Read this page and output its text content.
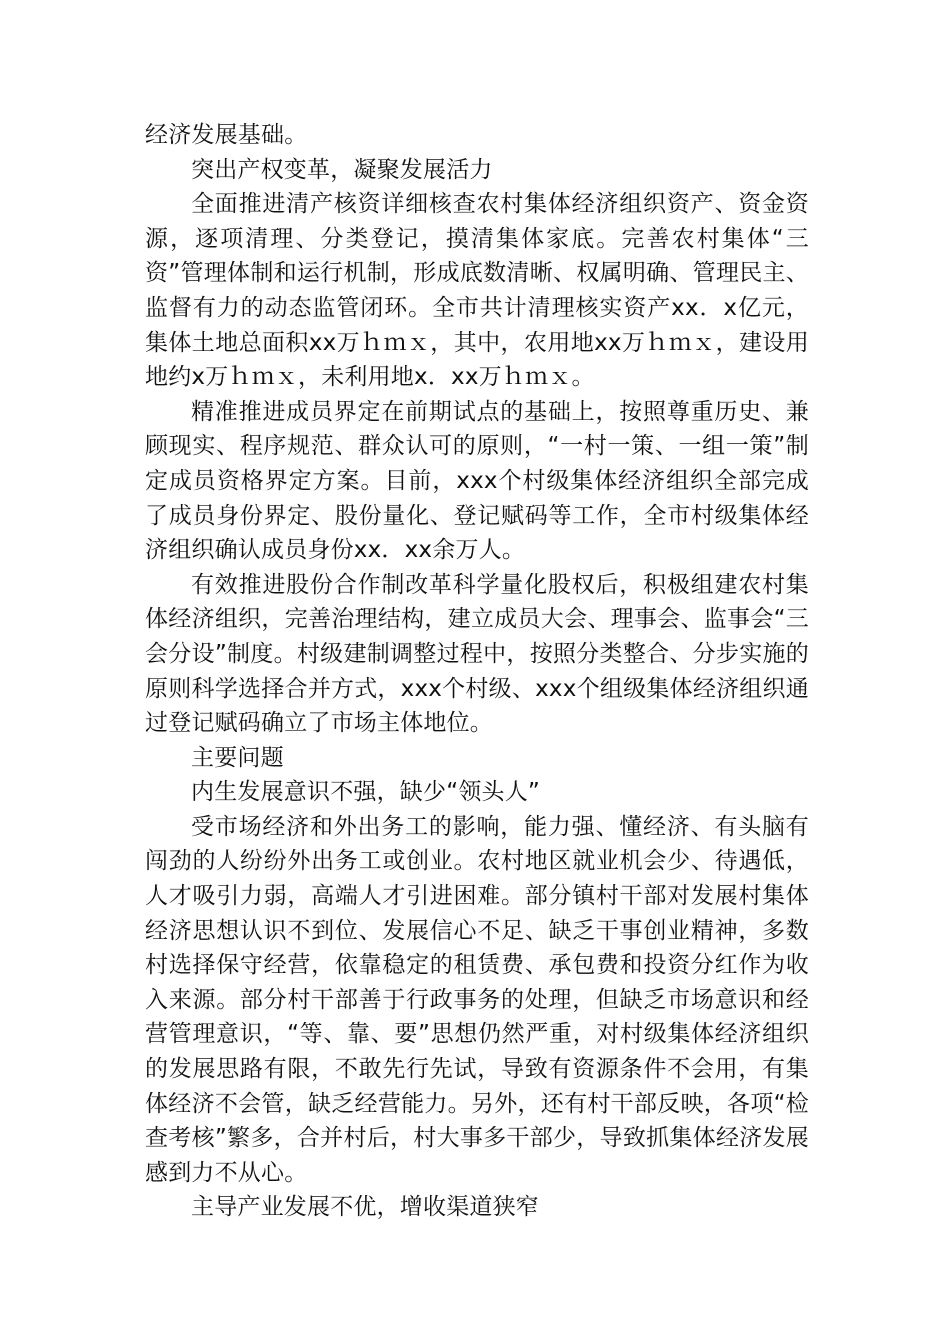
经济发展基础。

突出产权变革，凝聚发展活力

全面推进清产核资详细核查农村集体经济组织资产、资金资源，逐项清理、分类登记，摸清集体家底。完善农村集体“三资”管理体制和运行机制，形成底数清晰、权属明确、管理民主、监督有力的动态监管闭环。全市共计清理核实资产xx．x亿元，集体土地总面积xx万ｈｍｘ，其中，农用地xx万ｈｍｘ，建设用地约x万ｈｍｘ，未利用地x．xx万ｈｍｘ。

精准推进成员界定在前期试点的基础上，按照尊重历史、兼顾现实、程序规范、群众认可的原则，“一村一策、一组一策”制定成员资格界定方案。目前，xxx个村级集体经济组织全部完成了成员身份界定、股份量化、登记赋码等工作，全市村级集体经济组织确认成员身份xx．xx余万人。

有效推进股份合作制改革科学量化股权后，积极组建农村集体经济组织，完善治理结构，建立成员大会、理事会、监事会“三会分设”制度。村级建制调整过程中，按照分类整合、分步实施的原则科学选择合并方式，xxx个村级、xxx个组级集体经济组织通过登记赋码确立了市场主体地位。

主要问题

内生发展意识不强，缺少“领头人”

受市场经济和外出务工的影响，能力强、懂经济、有头脑有闯劲的人纷纷外出务工或创业。农村地区就业机会少、待遇低，人才吸引力弱，高端人才引进困难。部分镇村干部对发展村集体经济思想认识不到位、发展信心不足、缺乏干事创业精神，多数村选择保守经营，依靠稳定的租赁费、承包费和投资分红作为收入来源。部分村干部善于行政事务的处理，但缺乏市场意识和经营管理意识，“等、靠、要”思想仍然严重，对村级集体经济组织的发展思路有限，不敢先行先试，导致有资源条件不会用，有集体经济不会管，缺乏经营能力。另外，还有村干部反映，各项“检查考核”繁多，合并村后，村大事多干部少，导致抓集体经济发展感到力不从心。

主导产业发展不优，增收渠道狭窄
